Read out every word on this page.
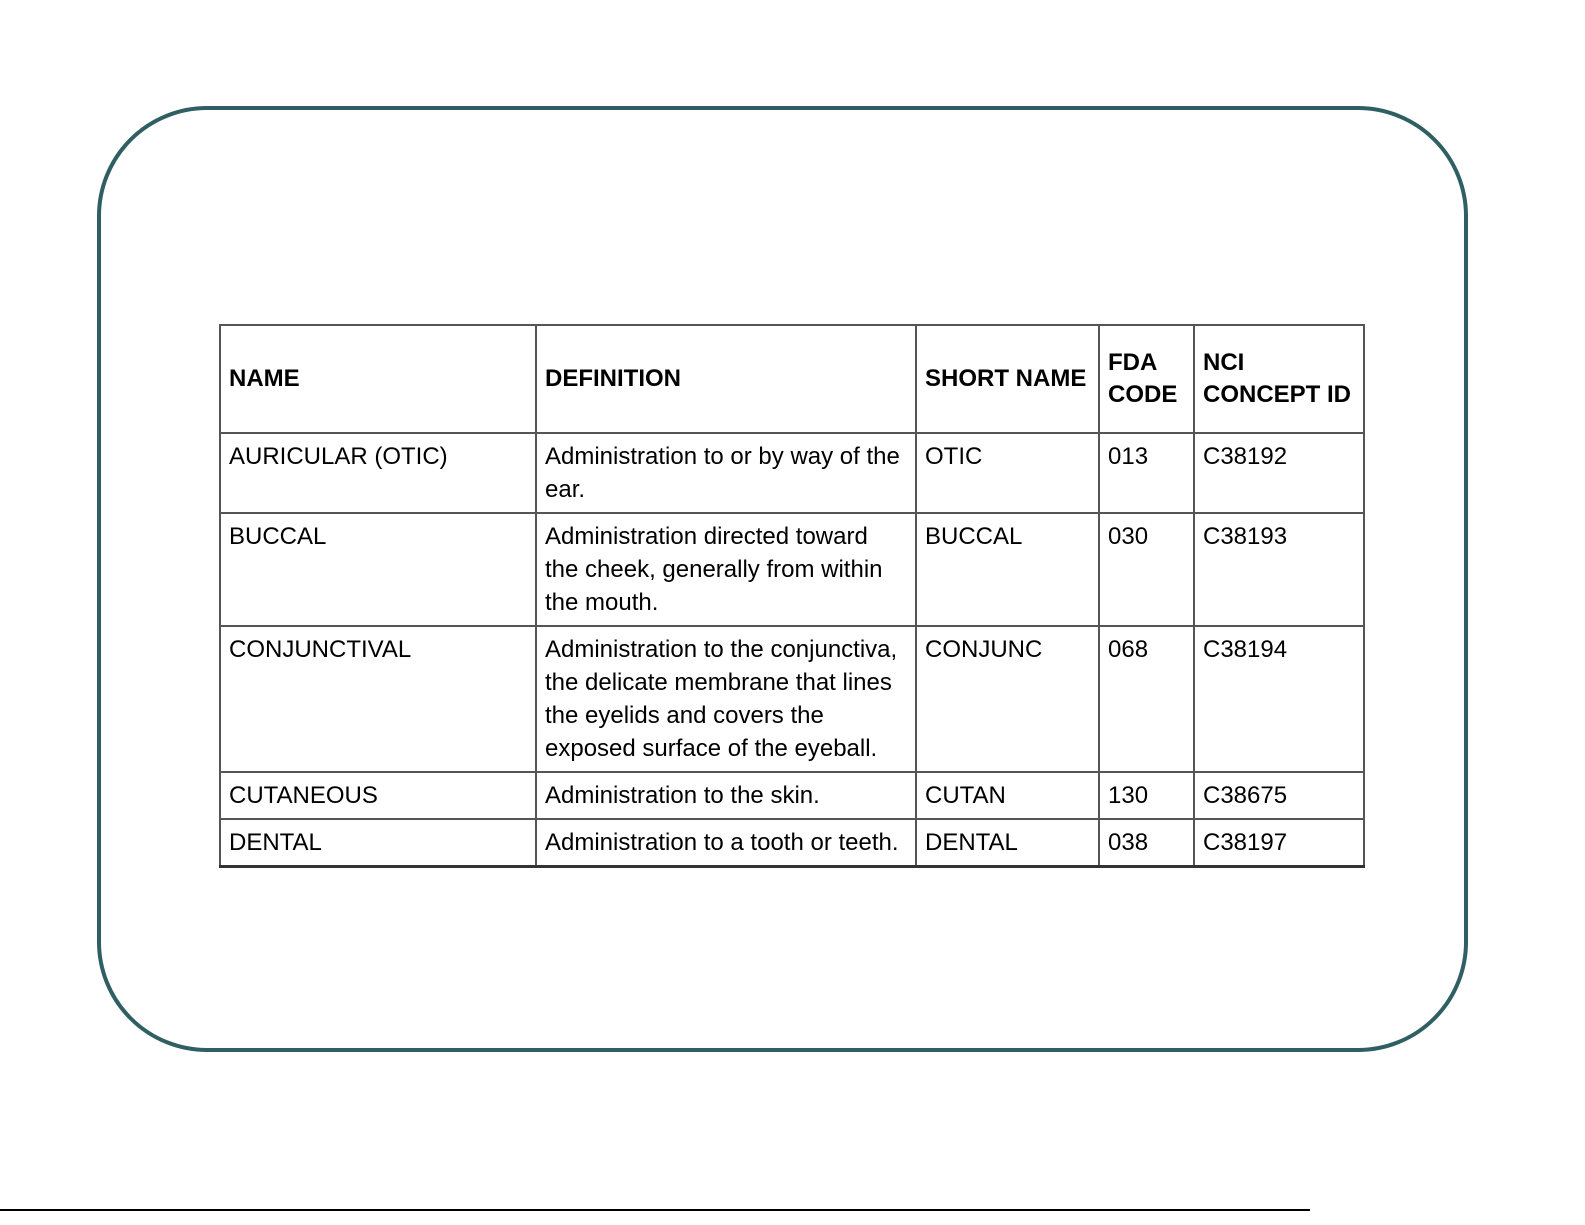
NAME	DEFINITION	SHORT NAME	FDA CODE	NCI CONCEPT ID
AURICULAR (OTIC)	Administration to or by way of the ear.	OTIC	013	C38192
BUCCAL	Administration directed toward the cheek, generally from within the mouth.	BUCCAL	030	C38193
CONJUNCTIVAL	Administration to the conjunctiva, the delicate membrane that lines the eyelids and covers the exposed surface of the eyeball.	CONJUNC	068	C38194
CUTANEOUS	Administration to the skin.	CUTAN	130	C38675
DENTAL	Administration to a tooth or teeth.	DENTAL	038	C38197
